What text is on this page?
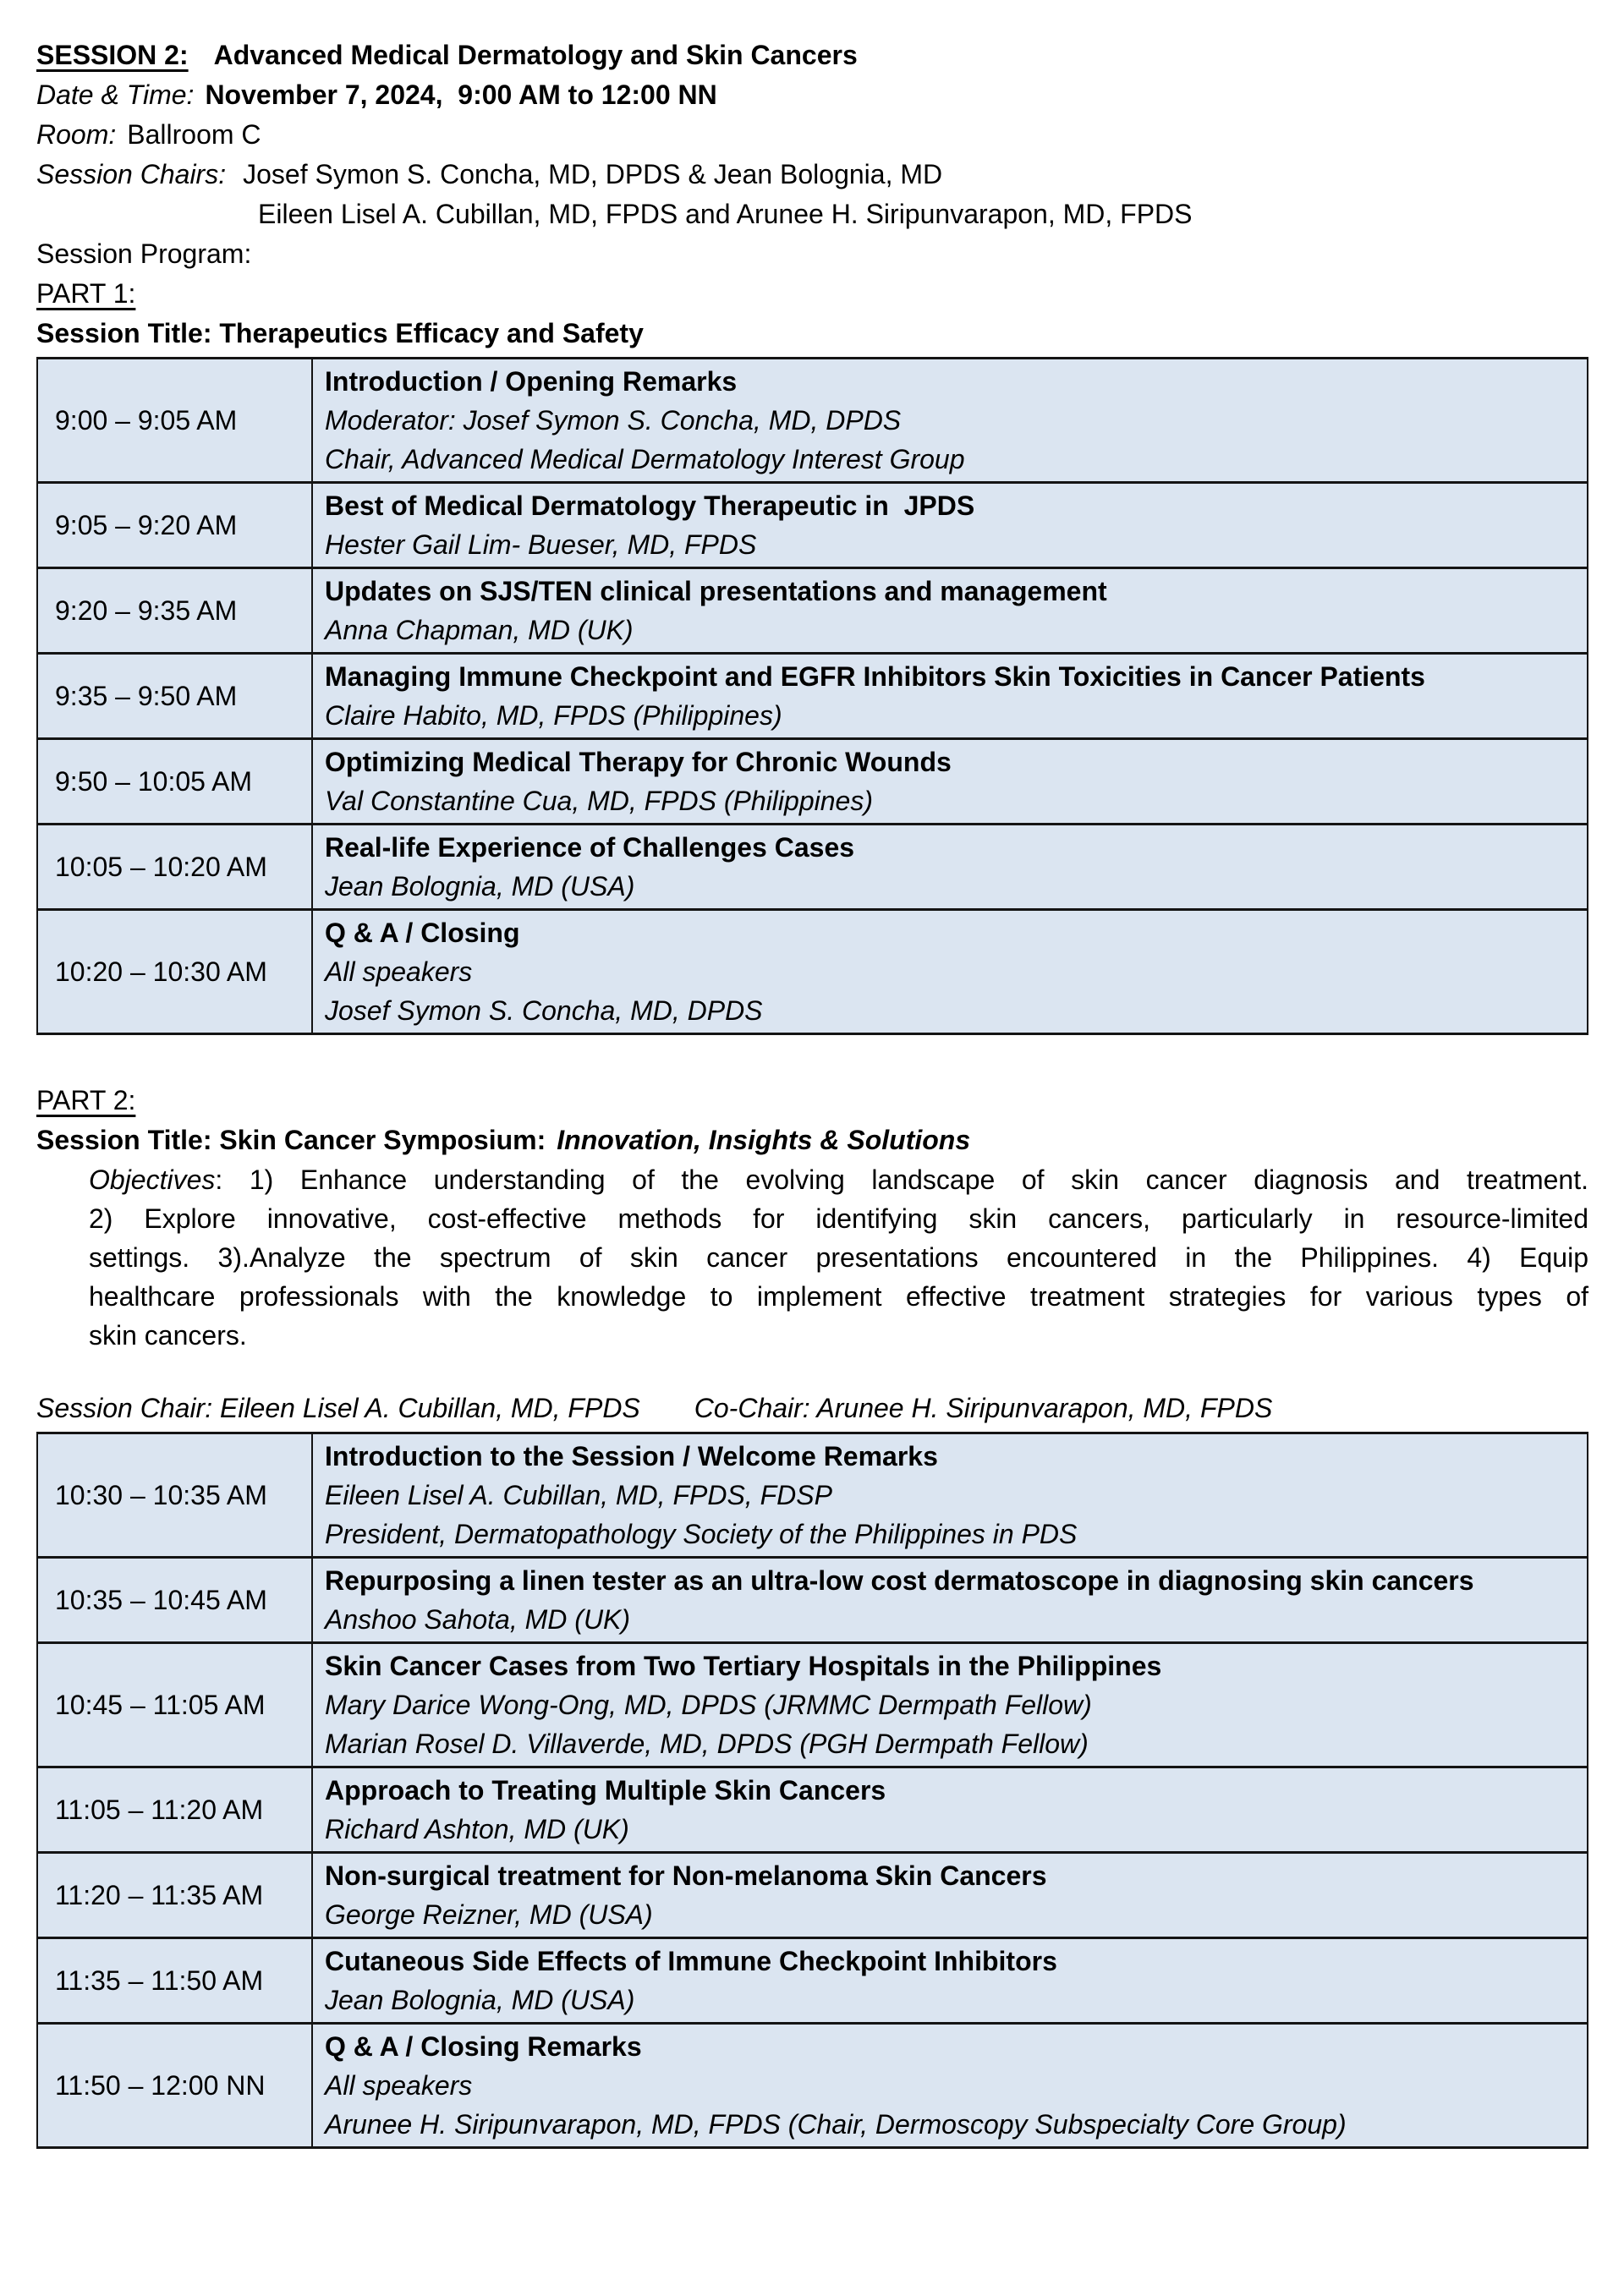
SESSION 2: Advanced Medical Dermatology and Skin Cancers
Date & Time: November 7, 2024,  9:00 AM to 12:00 NN
Room: Ballroom C
Session Chairs: Josef Symon S. Concha, MD, DPDS & Jean Bolognia, MD
Eileen Lisel A. Cubillan, MD, FPDS and Arunee H. Siripunvarapon, MD, FPDS
Session Program:
PART 1:
Session Title: Therapeutics Efficacy and Safety
9:00 – 9:05 AM	Introduction / Opening Remarks
Moderator: Josef Symon S. Concha, MD, DPDS
Chair, Advanced Medical Dermatology Interest Group

9:05 – 9:20 AM	Best of Medical Dermatology Therapeutic in  JPDS
Hester Gail Lim- Bueser, MD, FPDS

9:20 – 9:35 AM	Updates on SJS/TEN clinical presentations and management
Anna Chapman, MD (UK)

9:35 – 9:50 AM	Managing Immune Checkpoint and EGFR Inhibitors Skin Toxicities in Cancer Patients
Claire Habito, MD, FPDS (Philippines)

9:50 – 10:05 AM	Optimizing Medical Therapy for Chronic Wounds
Val Constantine Cua, MD, FPDS (Philippines)

10:05 – 10:20 AM	Real-life Experience of Challenges Cases
Jean Bolognia, MD (USA)

10:20 – 10:30 AM	Q & A / Closing
All speakers
Josef Symon S. Concha, MD, DPDS
PART 2:
Session Title: Skin Cancer Symposium: Innovation, Insights & Solutions
Objectives: 1) Enhance understanding of the evolving landscape of skin cancer diagnosis and treatment.
2) Explore innovative, cost-effective methods for identifying skin cancers, particularly in resource-limited
settings. 3).Analyze the spectrum of skin cancer presentations encountered in the Philippines. 4) Equip
healthcare professionals with the knowledge to implement effective treatment strategies for various types of
skin cancers.
Session Chair: Eileen Lisel A. Cubillan, MD, FPDS Co-Chair: Arunee H. Siripunvarapon, MD, FPDS
10:30 – 10:35 AM	Introduction to the Session / Welcome Remarks
Eileen Lisel A. Cubillan, MD, FPDS, FDSP
President, Dermatopathology Society of the Philippines in PDS

10:35 – 10:45 AM	Repurposing a linen tester as an ultra-low cost dermatoscope in diagnosing skin cancers
Anshoo Sahota, MD (UK)

10:45 – 11:05 AM	Skin Cancer Cases from Two Tertiary Hospitals in the Philippines
Mary Darice Wong-Ong, MD, DPDS (JRMMC Dermpath Fellow)
Marian Rosel D. Villaverde, MD, DPDS (PGH Dermpath Fellow)

11:05 – 11:20 AM	Approach to Treating Multiple Skin Cancers
Richard Ashton, MD (UK)

11:20 – 11:35 AM	Non-surgical treatment for Non-melanoma Skin Cancers
George Reizner, MD (USA)

11:35 – 11:50 AM	Cutaneous Side Effects of Immune Checkpoint Inhibitors
Jean Bolognia, MD (USA)

11:50 – 12:00 NN	Q & A / Closing Remarks
All speakers
Arunee H. Siripunvarapon, MD, FPDS (Chair, Dermoscopy Subspecialty Core Group)
